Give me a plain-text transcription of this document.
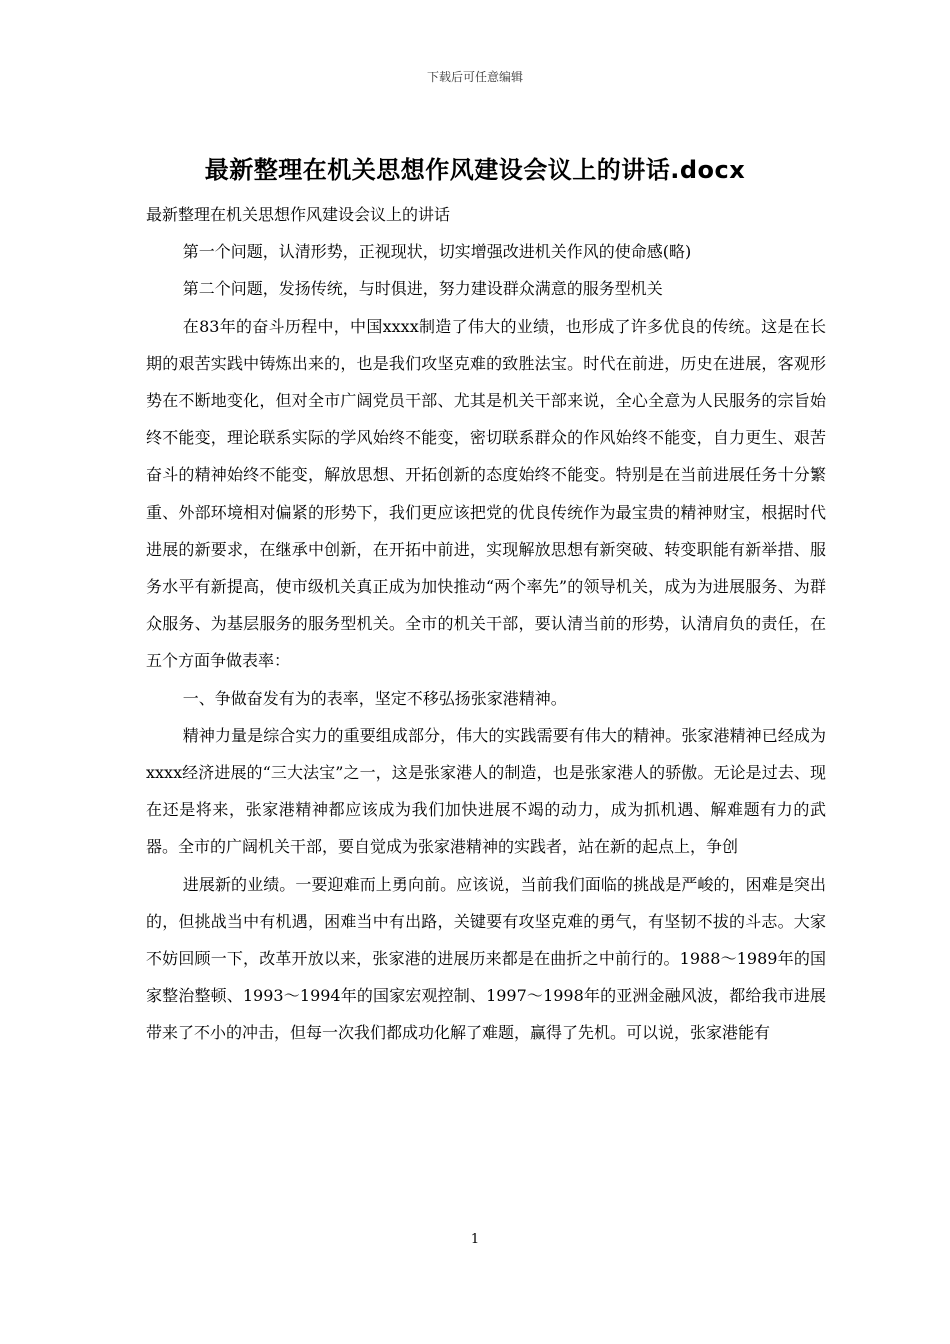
下载后可任意编辑
最新整理在机关思想作风建设会议上的讲话.docx

最新整理在机关思想作风建设会议上的讲话

第一个问题，认清形势，正视现状，切实增强改进机关作风的使命感(略)

第二个问题，发扬传统，与时俱进，努力建设群众满意的服务型机关

在83年的奋斗历程中，中国xxxx制造了伟大的业绩，也形成了许多优良的传统。这是在长期的艰苦实践中铸炼出来的，也是我们攻坚克难的致胜法宝。时代在前进，历史在进展，客观形势在不断地变化，但对全市广阔党员干部、尤其是机关干部来说，全心全意为人民服务的宗旨始终不能变，理论联系实际的学风始终不能变，密切联系群众的作风始终不能变，自力更生、艰苦奋斗的精神始终不能变，解放思想、开拓创新的态度始终不能变。特别是在当前进展任务十分繁重、外部环境相对偏紧的形势下，我们更应该把党的优良传统作为最宝贵的精神财宝，根据时代进展的新要求，在继承中创新，在开拓中前进，实现解放思想有新突破、转变职能有新举措、服务水平有新提高，使市级机关真正成为加快推动“两个率先”的领导机关，成为为进展服务、为群众服务、为基层服务的服务型机关。全市的机关干部，要认清当前的形势，认清肩负的责任，在五个方面争做表率：

一、争做奋发有为的表率，坚定不移弘扬张家港精神。

精神力量是综合实力的重要组成部分，伟大的实践需要有伟大的精神。张家港精神已经成为xxxx经济进展的“三大法宝”之一，这是张家港人的制造，也是张家港人的骄傲。无论是过去、现在还是将来，张家港精神都应该成为我们加快进展不竭的动力，成为抓机遇、解难题有力的武器。全市的广阔机关干部，要自觉成为张家港精神的实践者，站在新的起点上，争创

进展新的业绩。一要迎难而上勇向前。应该说，当前我们面临的挑战是严峻的，困难是突出的，但挑战当中有机遇，困难当中有出路，关键要有攻坚克难的勇气，有坚韧不拔的斗志。大家不妨回顾一下，改革开放以来，张家港的进展历来都是在曲折之中前行的。1988～1989年的国家整治整顿、1993～1994年的国家宏观控制、1997～1998年的亚洲金融风波，都给我市进展带来了不小的冲击，但每一次我们都成功化解了难题，赢得了先机。可以说，张家港能有

1
